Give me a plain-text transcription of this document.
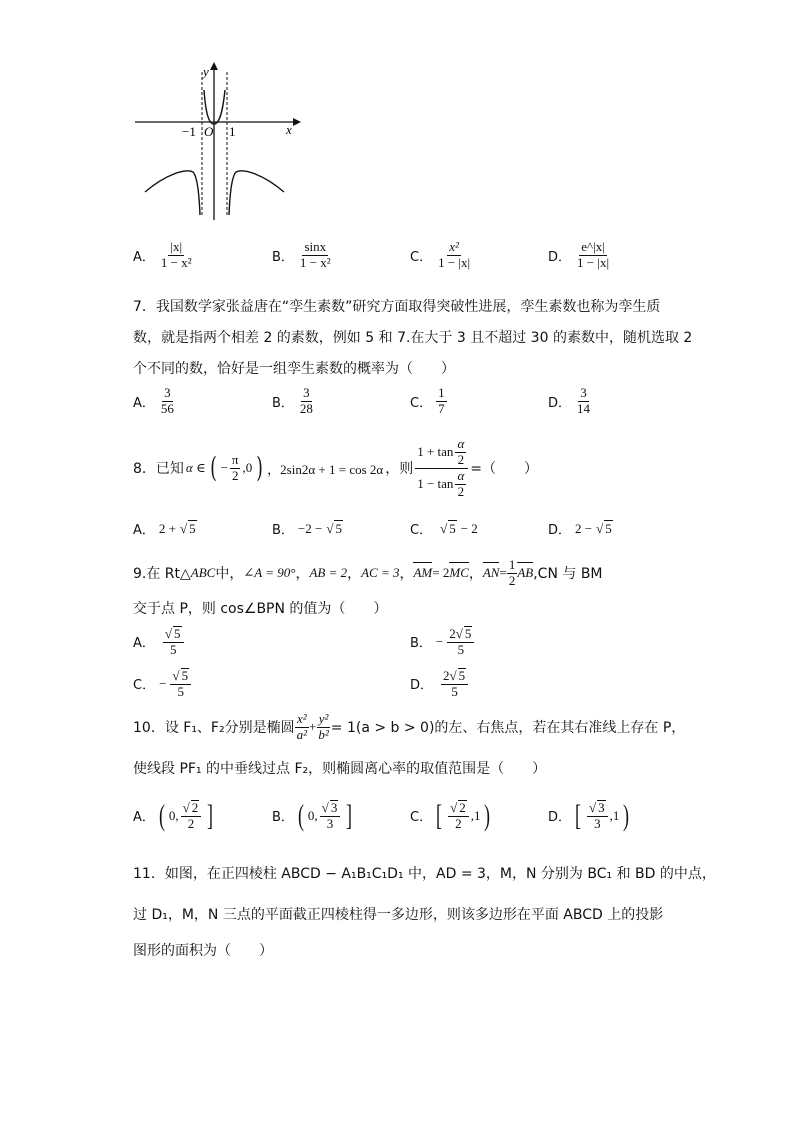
y
x
O
−1	1
A． $\frac{|x|}{\text{1 − x²}}$	B． $\frac{\sin x}{\text{1 − x²}}$	C． $\frac{\text{x²}}{1 - |x|}$	D． $\frac{e\^{}|x|}{1 - |x|}$
7．我国数学家张益唐在“孪生素数”研究方面取得突破性进展，孪生素数也称为孪生质
数，就是指两个相差 2 的素数，例如 5 和 7.在大于 3 且不超过 30 的素数中，随机选取 2
个不同的数，恰好是一组孪生素数的概率为（　　）
A． $\frac{3}{56}$	B． $\frac{3}{28}$	C． $\frac{1}{7}$	D． $\frac{3}{14}$
8．已知 α ∈ ( − $\frac{\pi}{2} ,0$ ) ，2sin2α + 1 = cos 2α ，则 $\frac{1 + \tan \frac{\alpha}{2}}{1 - \tan \frac{\alpha}{2}}$ =（　　）
A． 2 + √ 5	B． −2 − √ 5	C． √ 5 − 2	D． 2 − √ 5
9.在 Rt△ ABC 中， ∠A = 90° ， AB = 2 ， AC = 3 ， AM = 2 MC ， AN = $\frac{1}{2}$ AB ,CN 与 BM
交于点 P，则 cos∠BPN 的值为（　　）
A． $\frac{√ 5}{5}$	B． − $\frac{2√ 5}{5}$
C． − $\frac{√ 5}{5}$	D． $\frac{2√ 5}{5}$
10．设 F₁、F₂分别是椭圆 $\frac{\text{x²}}{\text{a²}} + \frac{\text{y²}}{\text{b²}} = 1(a > b > 0)$的左、右焦点，若在其右准线上存在 P，
使线段 PF₁ 的中垂线过点 F₂，则椭圆离心率的取值范围是（　　）
A． ( 0, $\frac{√ 2}{2}$ ]	B． ( 0, $\frac{√ 3}{3}$ ]	C． [ $\frac{√ 2}{2} ,1$ )	D． [ $\frac{√ 3}{3} ,1$ )
11．如图，在正四棱柱 ABCD − A₁B₁C₁D₁ 中，AD = 3，M，N 分别为 BC₁ 和 BD 的中点，
过 D₁，M，N 三点的平面截正四棱柱得一多边形，则该多边形在平面 ABCD 上的投影
图形的面积为（　　）
